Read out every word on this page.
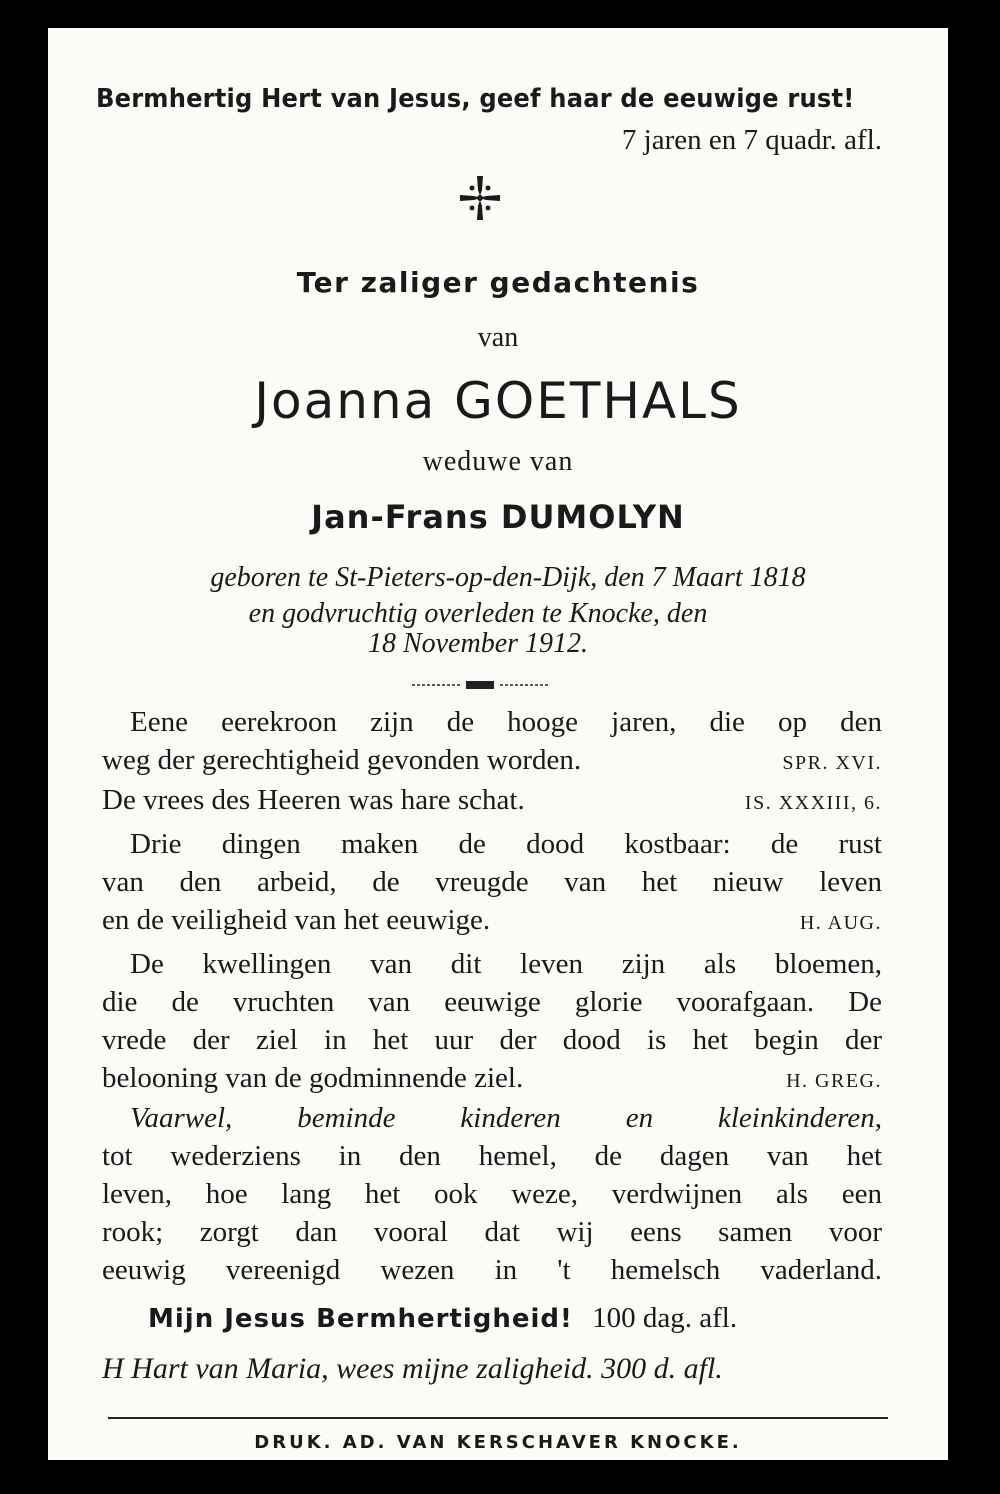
Bermhertig Hert van Jesus, geef haar de eeuwige rust!
7 jaren en 7 quadr. afl.
Ter zaliger gedachtenis
van
Joanna GOETHALS
weduwe van
Jan-Frans DUMOLYN
geboren te St-Pieters-op-den-Dijk, den 7 Maart 1818
en godvruchtig overleden te Knocke, den
18 November 1912.
Eene eerekroon zijn de hooge jaren, die op den
weg der gerechtigheid gevonden worden.	SPR. XVI.
De vrees des Heeren was hare schat.	IS. XXXIII, 6.
Drie dingen maken de dood kostbaar: de rust
van den arbeid, de vreugde van het nieuw leven
en de veiligheid van het eeuwige.	H. AUG.
De kwellingen van dit leven zijn als bloemen,
die de vruchten van eeuwige glorie voorafgaan. De
vrede der ziel in het uur der dood is het begin der
belooning van de godminnende ziel.	H. GREG.
Vaarwel, beminde kinderen en kleinkinderen,
tot wederziens in den hemel, de dagen van het
leven, hoe lang het ook weze, verdwijnen als een
rook; zorgt dan vooral dat wij eens samen voor
eeuwig vereenigd wezen in 't hemelsch vaderland.
Mijn Jesus Bermhertigheid! 100 dag. afl.
H Hart van Maria, wees mijne zaligheid. 300 d. afl.
DRUK. AD. VAN KERSCHAVER KNOCKE.
